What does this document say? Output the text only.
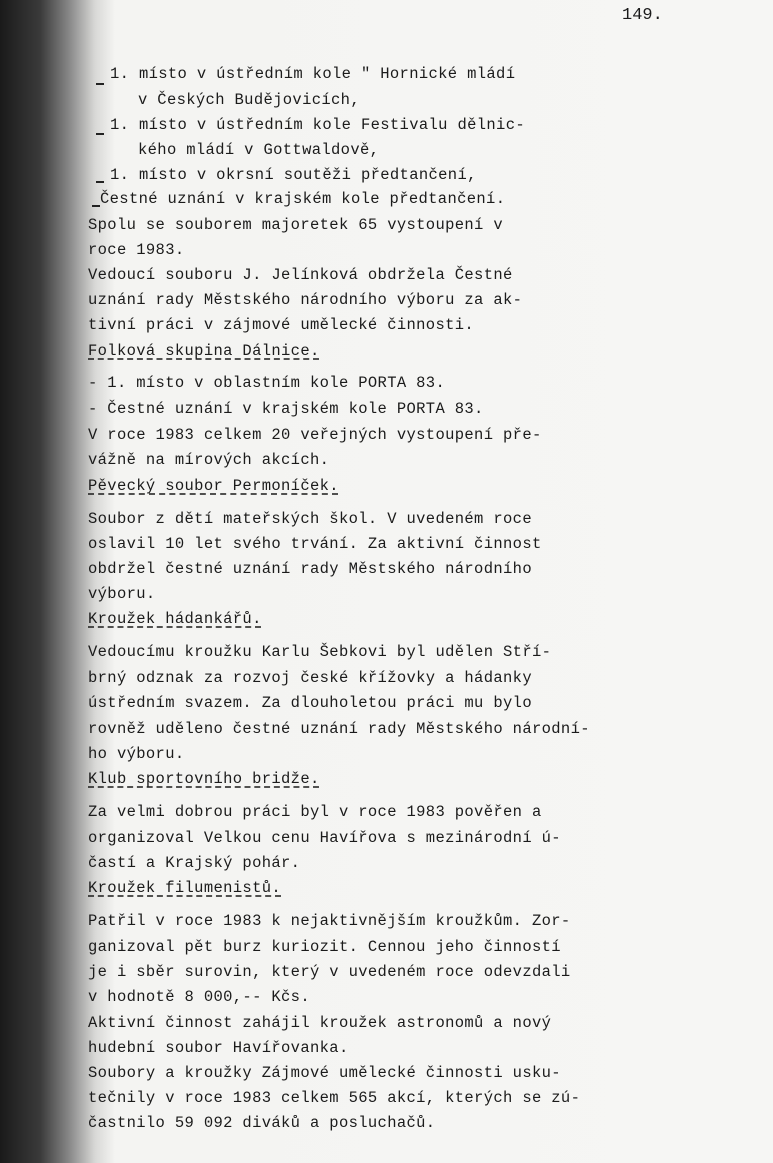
149.
1. místo v ústředním kole " Hornické mládí
v Českých Budějovicích,
1. místo v ústředním kole Festivalu dělnic-
kého mládí v Gottwaldově,
1. místo v okrsní soutěži předtančení,
Čestné uznání v krajském kole předtančení.
Spolu se souborem majoretek 65 vystoupení v
roce 1983.
Vedoucí souboru J. Jelínková obdržela Čestné
uznání rady Městského národního výboru za ak-
tivní práci v zájmové umělecké činnosti.
Folková skupina Dálnice.
- 1. místo v oblastním kole PORTA 83.
- Čestné uznání v krajském kole PORTA 83.
V roce 1983 celkem 20 veřejných vystoupení pře-
vážně na mírových akcích.
Pěvecký soubor Permoníček.
Soubor z dětí mateřských škol. V uvedeném roce
oslavil 10 let svého trvání. Za aktivní činnost
obdržel čestné uznání rady Městského národního
výboru.
Kroužek hádankářů.
Vedoucímu kroužku Karlu Šebkovi byl udělen Stří-
brný odznak za rozvoj české křížovky a hádanky
ústředním svazem. Za dlouholetou práci mu bylo
rovněž uděleno čestné uznání rady Městského národní-
ho výboru.
Klub sportovního bridže.
Za velmi dobrou práci byl v roce 1983 pověřen a
organizoval Velkou cenu Havířova s mezinárodní ú-
častí a Krajský pohár.
Kroužek filumenistů.
Patřil v roce 1983 k nejaktivnějším kroužkům. Zor-
ganizoval pět burz kuriozit. Cennou jeho činností
je i sběr surovin, který v uvedeném roce odevzdali
v hodnotě 8 000,-- Kčs.
Aktivní činnost zahájil kroužek astronomů a nový
hudební soubor Havířovanka.
Soubory a kroužky Zájmové umělecké činnosti usku-
tečnily v roce 1983 celkem 565 akcí, kterých se zú-
častnilo 59 092 diváků a posluchačů.
